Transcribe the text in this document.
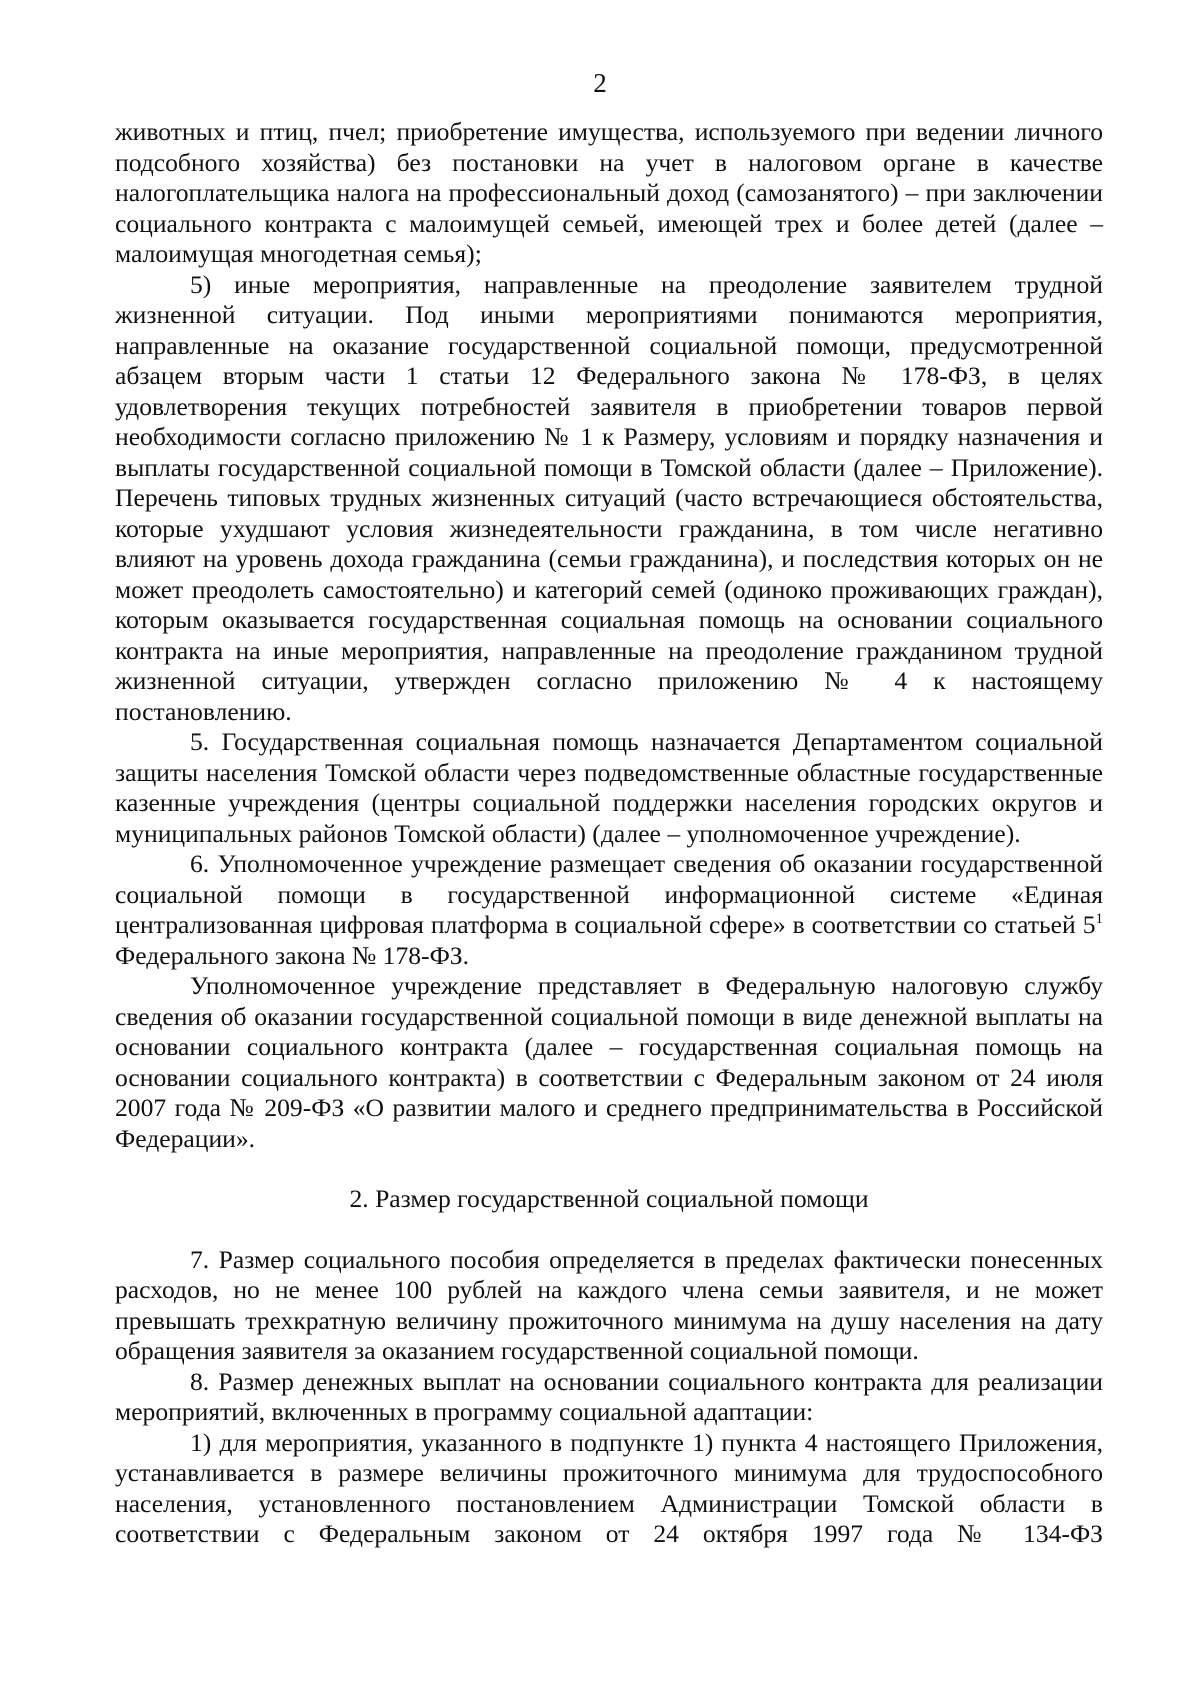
2

животных и птиц, пчел; приобретение имущества, используемого при ведении личного подсобного хозяйства) без постановки на учет в налоговом органе в качестве налогоплательщика налога на профессиональный доход (самозанятого) – при заключении социального контракта с малоимущей семьей, имеющей трех и более детей (далее – малоимущая многодетная семья);

5) иные мероприятия, направленные на преодоление заявителем трудной жизненной ситуации. Под иными мероприятиями понимаются мероприятия, направленные на оказание государственной социальной помощи, предусмотренной абзацем вторым части 1 статьи 12 Федерального закона № 178-ФЗ, в целях удовлетворения текущих потребностей заявителя в приобретении товаров первой необходимости согласно приложению № 1 к Размеру, условиям и порядку назначения и выплаты государственной социальной помощи в Томской области (далее – Приложение). Перечень типовых трудных жизненных ситуаций (часто встречающиеся обстоятельства, которые ухудшают условия жизнедеятельности гражданина, в том числе негативно влияют на уровень дохода гражданина (семьи гражданина), и последствия которых он не может преодолеть самостоятельно) и категорий семей (одиноко проживающих граждан), которым оказывается государственная социальная помощь на основании социального контракта на иные мероприятия, направленные на преодоление гражданином трудной жизненной ситуации, утвержден согласно приложению № 4 к настоящему постановлению.

5. Государственная социальная помощь назначается Департаментом социальной защиты населения Томской области через подведомственные областные государственные казенные учреждения (центры социальной поддержки населения городских округов и муниципальных районов Томской области) (далее – уполномоченное учреждение).

6. Уполномоченное учреждение размещает сведения об оказании государственной социальной помощи в государственной информационной системе «Единая централизованная цифровая платформа в социальной сфере» в соответствии со статьей $5^1$ Федерального закона № 178-ФЗ.

Уполномоченное учреждение представляет в Федеральную налоговую службу сведения об оказании государственной социальной помощи в виде денежной выплаты на основании социального контракта (далее – государственная социальная помощь на основании социального контракта) в соответствии с Федеральным законом от 24 июля 2007 года № 209-ФЗ «О развитии малого и среднего предпринимательства в Российской Федерации».

2. Размер государственной социальной помощи

7. Размер социального пособия определяется в пределах фактически понесенных расходов, но не менее 100 рублей на каждого члена семьи заявителя, и не может превышать трехкратную величину прожиточного минимума на душу населения на дату обращения заявителя за оказанием государственной социальной помощи.

8. Размер денежных выплат на основании социального контракта для реализации мероприятий, включенных в программу социальной адаптации:

1) для мероприятия, указанного в подпункте 1) пункта 4 настоящего Приложения, устанавливается в размере величины прожиточного минимума для трудоспособного населения, установленного постановлением Администрации Томской области в соответствии с Федеральным законом от 24 октября 1997 года № 134-ФЗ
